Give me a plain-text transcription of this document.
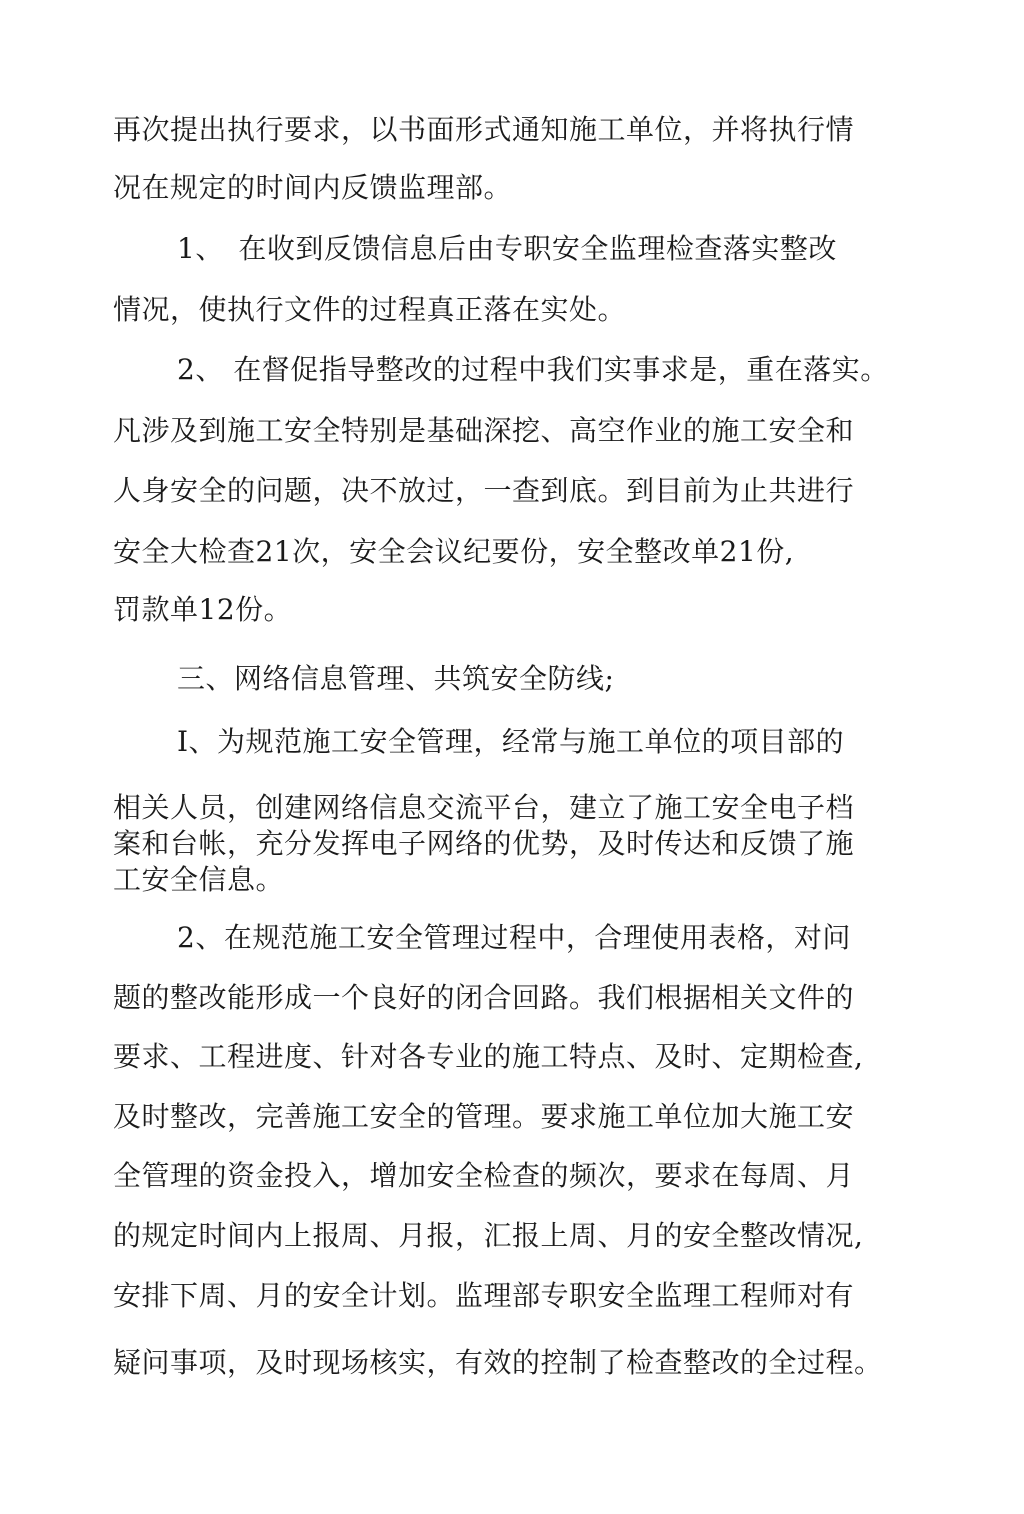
再次提出执行要求，以书面形式通知施工单位，并将执行情
况在规定的时间内反馈监理部。
1、　在收到反馈信息后由专职安全监理检查落实整改
情况，使执行文件的过程真正落在实处。
2、 在督促指导整改的过程中我们实事求是，重在落实。
凡涉及到施工安全特别是基础深挖、高空作业的施工安全和
人身安全的问题，决不放过，一查到底。到目前为止共进行
安全大检查21次，安全会议纪要份，安全整改单21份,
罚款单12份。
三、网络信息管理、共筑安全防线;
I、为规范施工安全管理，经常与施工单位的项目部的
相关人员，创建网络信息交流平台，建立了施工安全电子档
案和台帐，充分发挥电子网络的优势，及时传达和反馈了施
工安全信息。
2、在规范施工安全管理过程中，合理使用表格，对问
题的整改能形成一个良好的闭合回路。我们根据相关文件的
要求、工程进度、针对各专业的施工特点、及时、定期检查,
及时整改，完善施工安全的管理。要求施工单位加大施工安
全管理的资金投入，增加安全检查的频次，要求在每周、月
的规定时间内上报周、月报，汇报上周、月的安全整改情况,
安排下周、月的安全计划。监理部专职安全监理工程师对有
疑问事项，及时现场核实，有效的控制了检查整改的全过程。
